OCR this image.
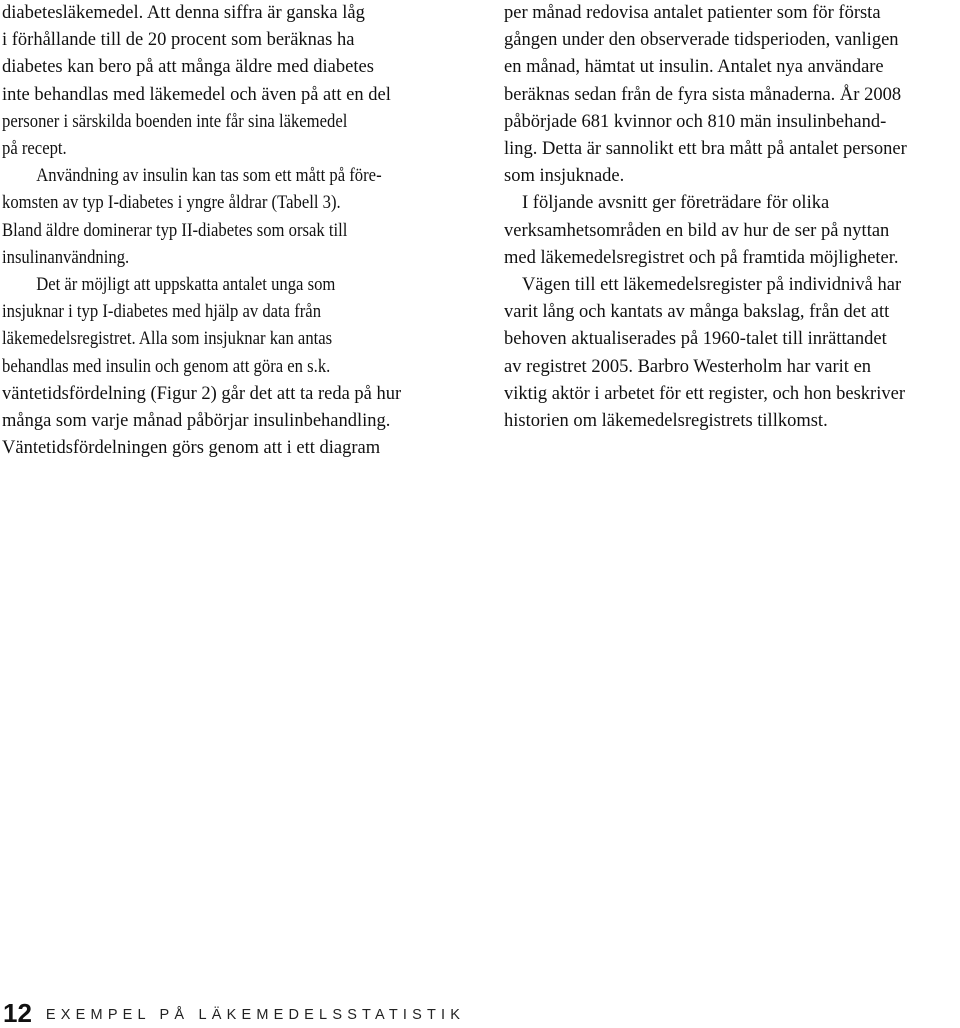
diabetesläkemedel. Att denna siffra är ganska låg
i förhållande till de 20 procent som beräknas ha
diabetes kan bero på att många äldre med diabetes
inte behandlas med läkemedel och även på att en del
personer i särskilda boenden inte får sina läkemedel
på recept.
Användning av insulin kan tas som ett mått på före-
komsten av typ I-diabetes i yngre åldrar (Tabell 3).
Bland äldre dominerar typ II-diabetes som orsak till
insulinanvändning.
Det är möjligt att uppskatta antalet unga som
insjuknar i typ I-diabetes med hjälp av data från
läkemedelsregistret. Alla som insjuknar kan antas
behandlas med insulin och genom att göra en s.k.
väntetidsfördelning (Figur 2) går det att ta reda på hur
många som varje månad påbörjar insulinbehandling.
Väntetidsfördelningen görs genom att i ett diagram
per månad redovisa antalet patienter som för första
gången under den observerade tidsperioden, vanligen
en månad, hämtat ut insulin. Antalet nya användare
beräknas sedan från de fyra sista månaderna. År 2008
påbörjade 681 kvinnor och 810 män insulinbehand-
ling. Detta är sannolikt ett bra mått på antalet personer
som insjuknade.
I följande avsnitt ger företrädare för olika
verksamhetsområden en bild av hur de ser på nyttan
med läkemedelsregistret och på framtida möjligheter.
Vägen till ett läkemedelsregister på individnivå har
varit lång och kantats av många bakslag, från det att
behoven aktualiserades på 1960-talet till inrättandet
av registret 2005. Barbro Westerholm har varit en
viktig aktör i arbetet för ett register, och hon beskriver
historien om läkemedelsregistrets tillkomst.
12 EXEMPEL PÅ LÄKEMEDELSSTATISTIK
